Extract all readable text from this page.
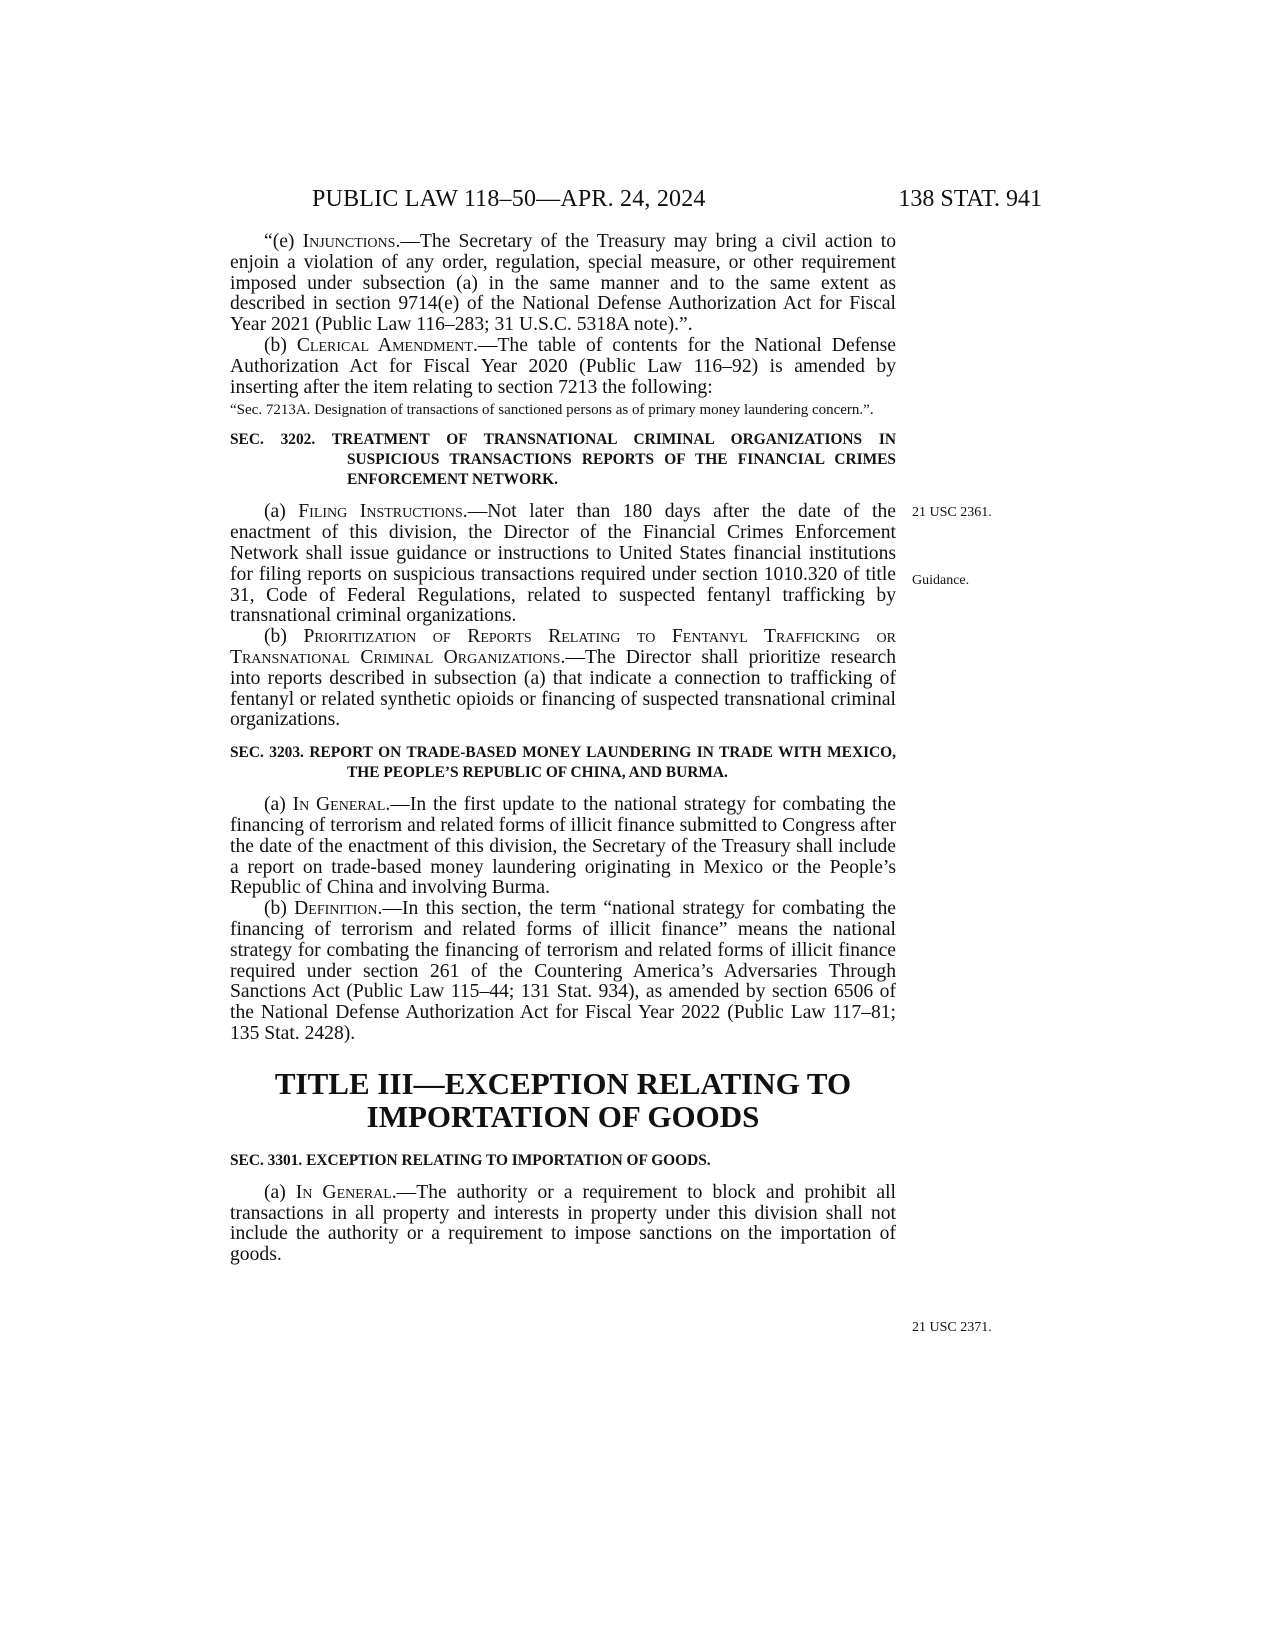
PUBLIC LAW 118–50—APR. 24, 2024	138 STAT. 941
21 USC 2361.
Guidance.
21 USC 2371.

“(e) Injunctions.—The Secretary of the Treasury may bring a civil action to enjoin a violation of any order, regulation, special measure, or other requirement imposed under subsection (a) in the same manner and to the same extent as described in section 9714(e) of the National Defense Authorization Act for Fiscal Year 2021 (Public Law 116–283; 31 U.S.C. 5318A note).”.

(b) Clerical Amendment.—The table of contents for the National Defense Authorization Act for Fiscal Year 2020 (Public Law 116–92) is amended by inserting after the item relating to section 7213 the following:

“Sec. 7213A. Designation of transactions of sanctioned persons as of primary money laundering concern.”.

SEC. 3202. TREATMENT OF TRANSNATIONAL CRIMINAL ORGANIZATIONS IN SUSPICIOUS TRANSACTIONS REPORTS OF THE FINANCIAL CRIMES ENFORCEMENT NETWORK.

(a) Filing Instructions.—Not later than 180 days after the date of the enactment of this division, the Director of the Financial Crimes Enforcement Network shall issue guidance or instructions to United States financial institutions for filing reports on suspicious transactions required under section 1010.320 of title 31, Code of Federal Regulations, related to suspected fentanyl trafficking by transnational criminal organizations.

(b) Prioritization of Reports Relating to Fentanyl Trafficking or Transnational Criminal Organizations.—The Director shall prioritize research into reports described in subsection (a) that indicate a connection to trafficking of fentanyl or related synthetic opioids or financing of suspected transnational criminal organizations.

SEC. 3203. REPORT ON TRADE-BASED MONEY LAUNDERING IN TRADE WITH MEXICO, THE PEOPLE’S REPUBLIC OF CHINA, AND BURMA.

(a) In General.—In the first update to the national strategy for combating the financing of terrorism and related forms of illicit finance submitted to Congress after the date of the enactment of this division, the Secretary of the Treasury shall include a report on trade-based money laundering originating in Mexico or the People’s Republic of China and involving Burma.

(b) Definition.—In this section, the term “national strategy for combating the financing of terrorism and related forms of illicit finance” means the national strategy for combating the financing of terrorism and related forms of illicit finance required under section 261 of the Countering America’s Adversaries Through Sanctions Act (Public Law 115–44; 131 Stat. 934), as amended by section 6506 of the National Defense Authorization Act for Fiscal Year 2022 (Public Law 117–81; 135 Stat. 2428).

TITLE III—EXCEPTION RELATING TO
IMPORTATION OF GOODS

SEC. 3301. EXCEPTION RELATING TO IMPORTATION OF GOODS.

(a) In General.—The authority or a requirement to block and prohibit all transactions in all property and interests in property under this division shall not include the authority or a requirement to impose sanctions on the importation of goods.
